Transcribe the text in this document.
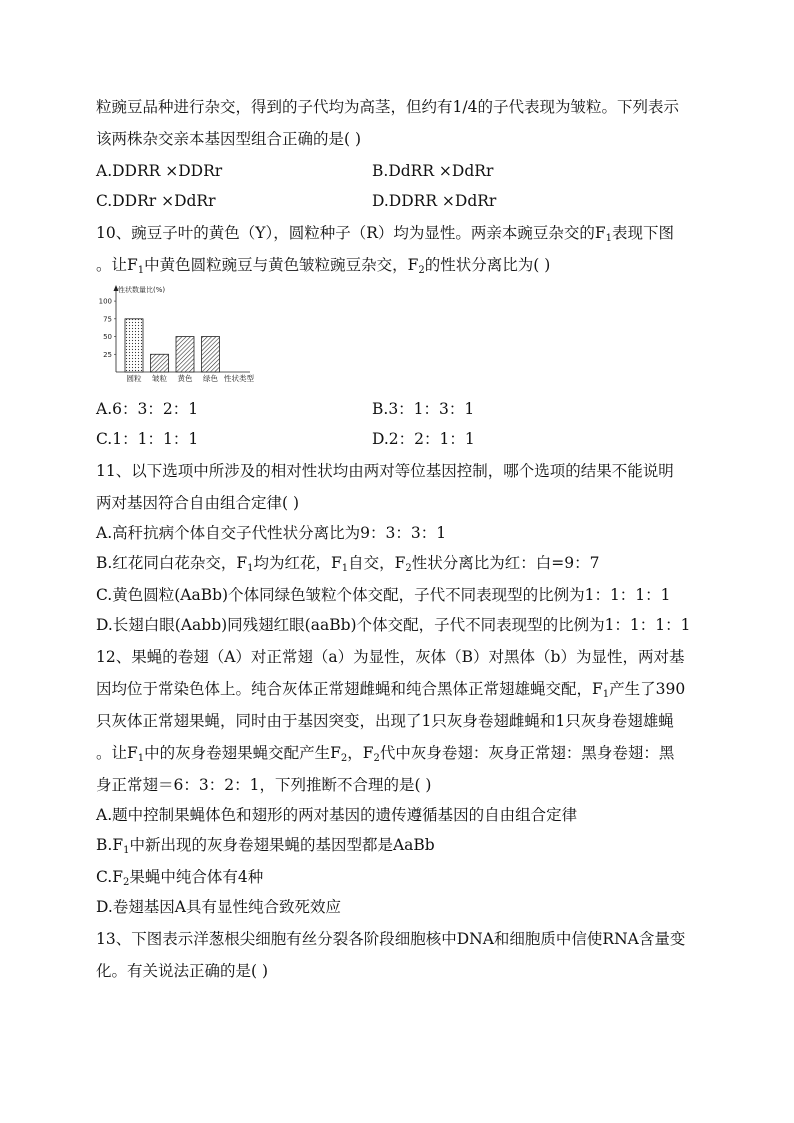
粒豌豆品种进行杂交，得到的子代均为高茎，但约有1/4的子代表现为皱粒。下列表示
该两株杂交亲本基因型组合正确的是( )
A.DDRR ×DDRr	B.DdRR ×DdRr
C.DDRr ×DdRr	D.DDRR ×DdRr
10、豌豆子叶的黄色（Y），圆粒种子（R）均为显性。两亲本豌豆杂交的$F_1$表现下图
。让$F_1$中黄色圆粒豌豆与黄色皱粒豌豆杂交，$F_2$的性状分离比为( )
性状数量比(%)
25
50
75
100
圆粒 皱粒 黄色 绿色 性状类型
A.6：3：2：1	B.3：1：3：1
C.1：1：1：1	D.2：2：1：1
11、以下选项中所涉及的相对性状均由两对等位基因控制，哪个选项的结果不能说明
两对基因符合自由组合定律( )
A.高秆抗病个体自交子代性状分离比为9：3：3：1
B.红花同白花杂交，$F_1$均为红花，$F_1$自交，$F_2$性状分离比为红：白=9：7
C.黄色圆粒(AaBb)个体同绿色皱粒个体交配，子代不同表现型的比例为1：1：1：1
D.长翅白眼(Aabb)同残翅红眼(aaBb)个体交配，子代不同表现型的比例为1：1：1：1
12、果蝇的卷翅（A）对正常翅（a）为显性，灰体（B）对黑体（b）为显性，两对基
因均位于常染色体上。纯合灰体正常翅雌蝇和纯合黑体正常翅雄蝇交配，$F_1$产生了390
只灰体正常翅果蝇，同时由于基因突变，出现了1只灰身卷翅雌蝇和1只灰身卷翅雄蝇
。让$F_1$中的灰身卷翅果蝇交配产生$F_2$，$F_2$代中灰身卷翅：灰身正常翅：黑身卷翅：黑
身正常翅＝6：3：2：1，下列推断不合理的是( )
A.题中控制果蝇体色和翅形的两对基因的遗传遵循基因的自由组合定律
$B.F_1$中新出现的灰身卷翅果蝇的基因型都是AaBb
$C.F_2$果蝇中纯合体有4种
D.卷翅基因A具有显性纯合致死效应
13、下图表示洋葱根尖细胞有丝分裂各阶段细胞核中DNA和细胞质中信使RNA含量变
化。有关说法正确的是( )
